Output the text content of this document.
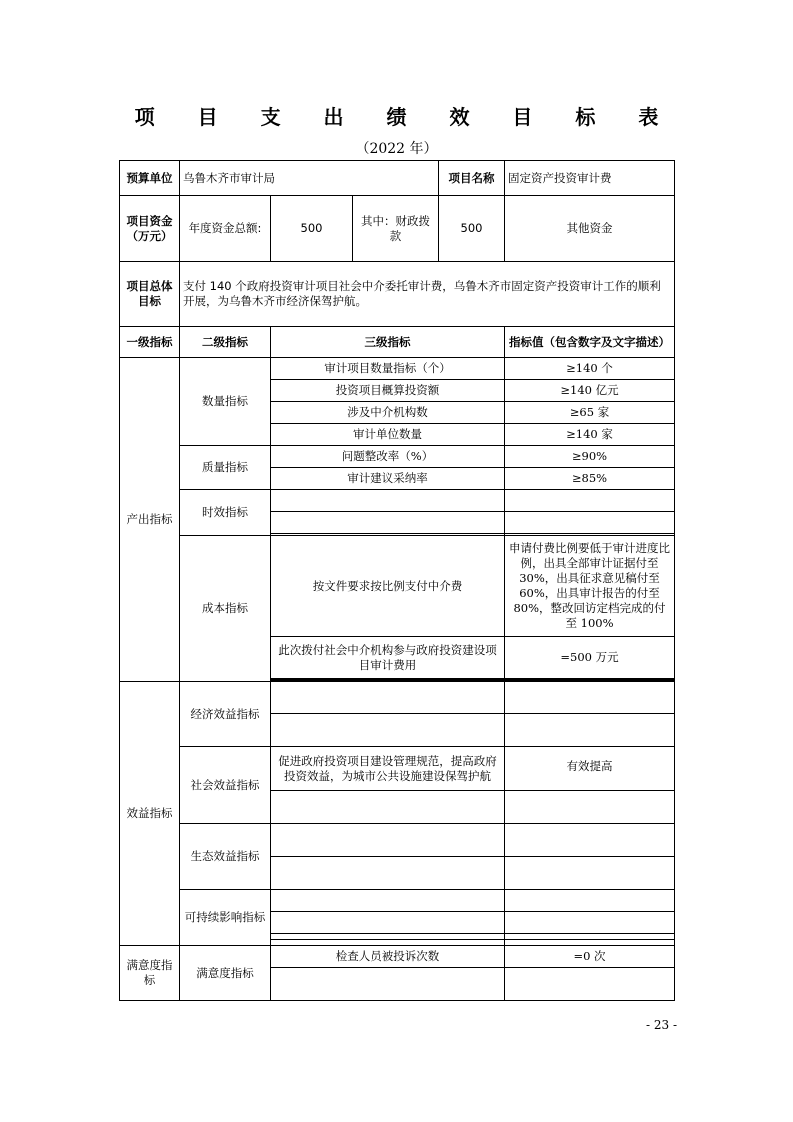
项 目 支 出 绩 效 目 标 表
（2022 年）
预算单位	乌鲁木齐市审计局			项目名称	固定资产投资审计费
项目资金（万元）	年度资金总额:	500	其中：财政拨款	500	其他资金
项目总体目标	支付 140 个政府投资审计项目社会中介委托审计费，乌鲁木齐市固定资产投资审计工作的顺利开展，为乌鲁木齐市经济保驾护航。				
一级指标	二级指标	三级指标			指标值（包含数字及文字描述）
产出指标	数量指标	审计项目数量指标（个）			≥140 个
		投资项目概算投资额			≥140 亿元
		涉及中介机构数			≥65 家
		审计单位数量			≥140 家
	质量指标	问题整改率（%）			≥90%
		审计建议采纳率			≥85%
	时效指标				

	成本指标	按文件要求按比例支付中介费			申请付费比例要低于审计进度比例，出具全部审计证据付至 30%，出具征求意见稿付至 60%，出具审计报告的付至 80%，整改回访定档完成的付至 100%
		此次拨付社会中介机构参与政府投资建设项目审计费用			=500 万元

效益指标	经济效益指标				

	社会效益指标	促进政府投资项目建设管理规范，提高政府投资效益，为城市公共设施建设保驾护航			有效提高

	生态效益指标				

	可持续影响指标				

满意度指标	满意度指标	检查人员被投诉次数			=0 次

- 23 -
